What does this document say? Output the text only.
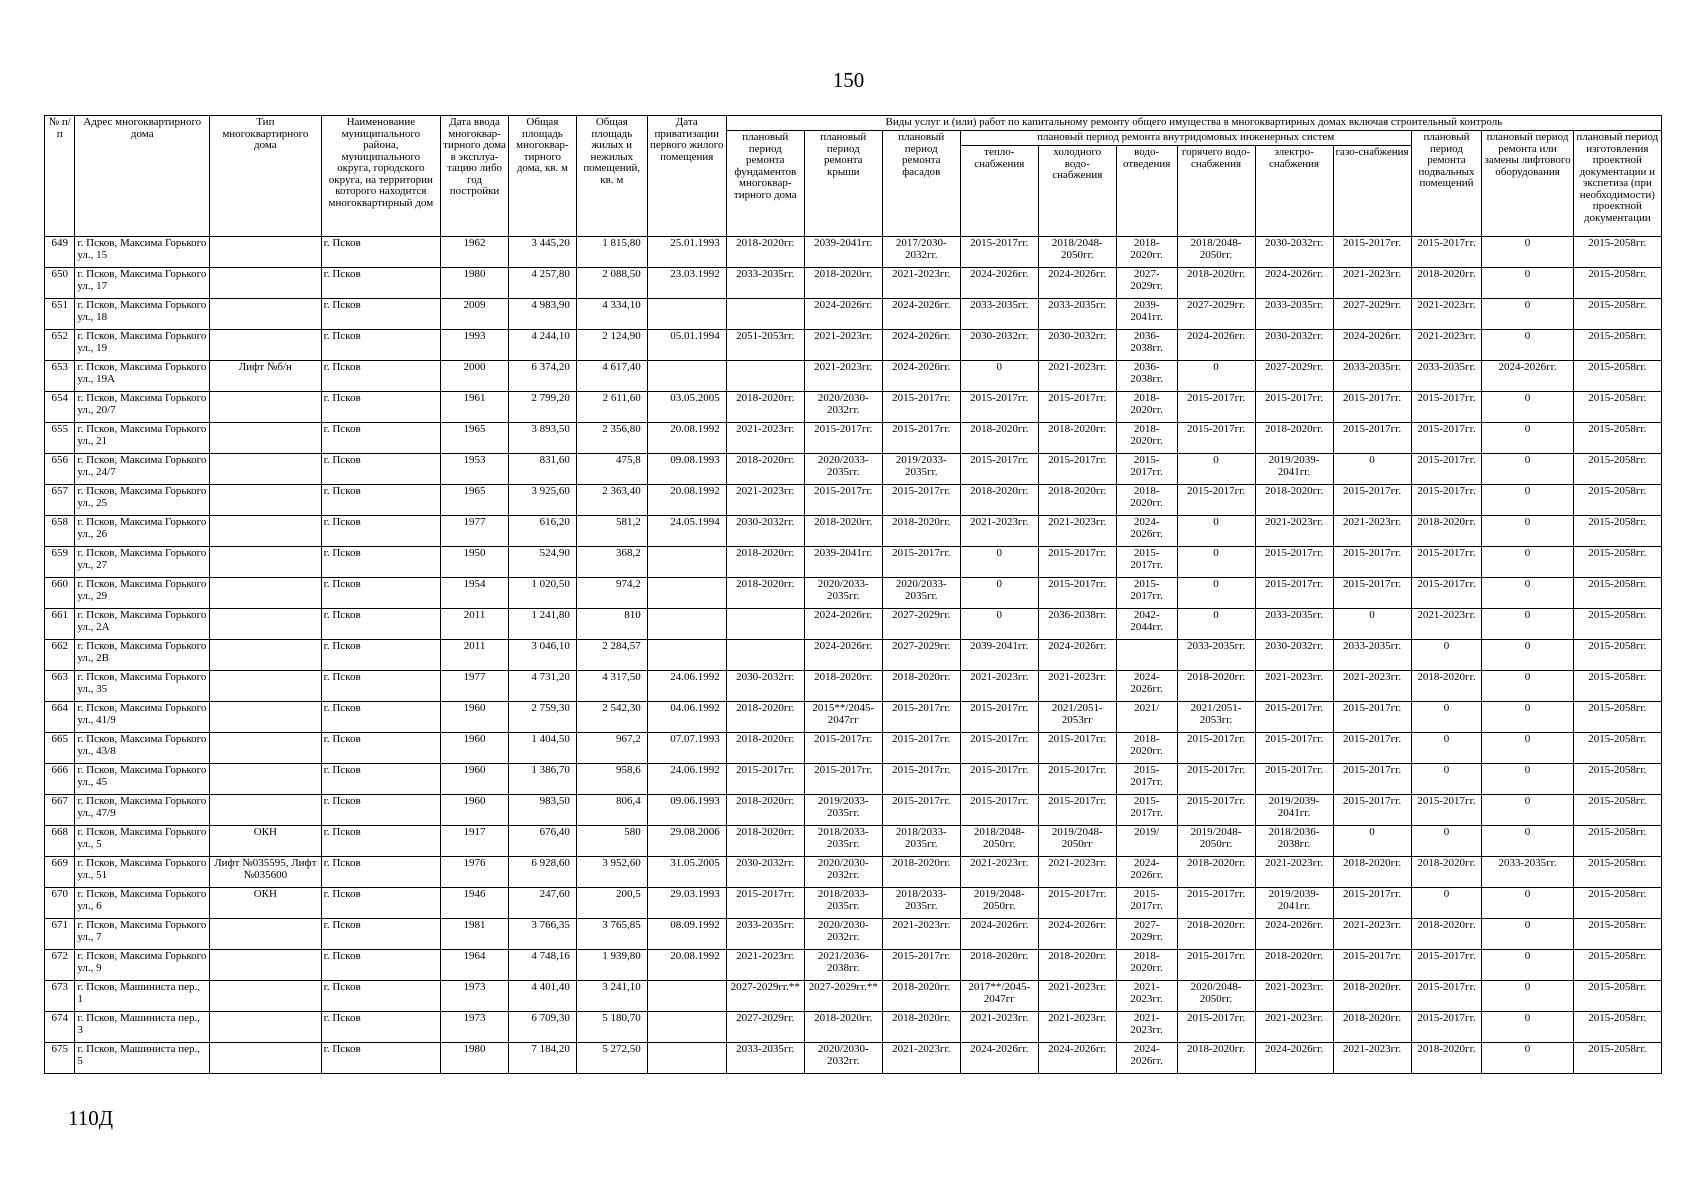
150
№ п/п	Адрес многоквартирного дома	Тип многоквартирного дома	Наименование муниципального района, муниципального округа, городского округа, на территории которого находится многоквартирный дом	Дата ввода многоквар-тирного дома в эксплуа-тацию либо год постройки	Общая площадь многоквар-тирного дома, кв. м	Общая площадь жилых и нежилых помещений, кв. м	Дата приватизации первого жилого помещения	Виды услуг и (или) работ по капитальному ремонту общего имущества в многоквартирных домах включая строительный контроль											
								плановый период ремонта фундаментов многоквар-тирного дома	плановый период ремонта крыши	плановый период ремонта фасадов	плановый период ремонта внутридомовых инженерных систем						плановый период ремонта подвальных помещений	плановый период ремонта или замены лифтового оборудования	плановый период изготовления проектной документации и экспетиза (при необходимости) проектной документации
											тепло-снабжения	холодного водо-снабжения	водо-отведения	горячего водо-снабжения	электро-снабжения	газо-снабжения			
649	г. Псков, Максима Горького ул., 15		г. Псков	1962	3 445,20	1 815,80	25.01.1993	2018-2020гг.	2039-2041гг.	2017/2030-2032гг.	2015-2017гг.	2018/2048-2050гг.	2018-2020гг.	2018/2048-2050гг.	2030-2032гг.	2015-2017гг.	2015-2017гг.	0	2015-2058гг.
650	г. Псков, Максима Горького ул., 17		г. Псков	1980	4 257,80	2 088,50	23.03.1992	2033-2035гг.	2018-2020гг.	2021-2023гг.	2024-2026гг.	2024-2026гг.	2027-2029гг.	2018-2020гг.	2024-2026гг.	2021-2023гг.	2018-2020гг.	0	2015-2058гг.
651	г. Псков, Максима Горького ул., 18		г. Псков	2009	4 983,90	4 334,10			2024-2026гг.	2024-2026гг.	2033-2035гг.	2033-2035гг.	2039-2041гг.	2027-2029гг.	2033-2035гг.	2027-2029гг.	2021-2023гг.	0	2015-2058гг.
652	г. Псков, Максима Горького ул., 19		г. Псков	1993	4 244,10	2 124,90	05.01.1994	2051-2053гг.	2021-2023гг.	2024-2026гг.	2030-2032гг.	2030-2032гг.	2036-2038гг.	2024-2026гг.	2030-2032гг.	2024-2026гг.	2021-2023гг.	0	2015-2058гг.
653	г. Псков, Максима Горького ул., 19А	Лифт №б/н	г. Псков	2000	6 374,20	4 617,40			2021-2023гг.	2024-2026гг.	0	2021-2023гг.	2036-2038гг.	0	2027-2029гг.	2033-2035гг.	2033-2035гг.	2024-2026гг.	2015-2058гг.
654	г. Псков, Максима Горького ул., 20/7		г. Псков	1961	2 799,20	2 611,60	03.05.2005	2018-2020гг.	2020/2030-2032гг.	2015-2017гг.	2015-2017гг.	2015-2017гг.	2018-2020гг.	2015-2017гг.	2015-2017гг.	2015-2017гг.	2015-2017гг.	0	2015-2058гг.
655	г. Псков, Максима Горького ул., 21		г. Псков	1965	3 893,50	2 356,80	20.08.1992	2021-2023гг.	2015-2017гг.	2015-2017гг.	2018-2020гг.	2018-2020гг.	2018-2020гг.	2015-2017гг.	2018-2020гг.	2015-2017гг.	2015-2017гг.	0	2015-2058гг.
656	г. Псков, Максима Горького ул., 24/7		г. Псков	1953	831,60	475,8	09.08.1993	2018-2020гг.	2020/2033-2035гг.	2019/2033-2035гг.	2015-2017гг.	2015-2017гг.	2015-2017гг.	0	2019/2039-2041гг.	0	2015-2017гг.	0	2015-2058гг.
657	г. Псков, Максима Горького ул., 25		г. Псков	1965	3 925,60	2 363,40	20.08.1992	2021-2023гг.	2015-2017гг.	2015-2017гг.	2018-2020гг.	2018-2020гг.	2018-2020гг.	2015-2017гг.	2018-2020гг.	2015-2017гг.	2015-2017гг.	0	2015-2058гг.
658	г. Псков, Максима Горького ул., 26		г. Псков	1977	616,20	581,2	24.05.1994	2030-2032гг.	2018-2020гг.	2018-2020гг.	2021-2023гг.	2021-2023гг.	2024-2026гг.	0	2021-2023гг.	2021-2023гг.	2018-2020гг.	0	2015-2058гг.
659	г. Псков, Максима Горького ул., 27		г. Псков	1950	524,90	368,2		2018-2020гг.	2039-2041гг.	2015-2017гг.	0	2015-2017гг.	2015-2017гг.	0	2015-2017гг.	2015-2017гг.	2015-2017гг.	0	2015-2058гг.
660	г. Псков, Максима Горького ул., 29		г. Псков	1954	1 020,50	974,2		2018-2020гг.	2020/2033-2035гг.	2020/2033-2035гг.	0	2015-2017гг.	2015-2017гг.	0	2015-2017гг.	2015-2017гг.	2015-2017гг.	0	2015-2058гг.
661	г. Псков, Максима Горького ул., 2А		г. Псков	2011	1 241,80	810			2024-2026гг.	2027-2029гг.	0	2036-2038гг.	2042-2044гг.	0	2033-2035гг.	0	2021-2023гг.	0	2015-2058гг.
662	г. Псков, Максима Горького ул., 2В		г. Псков	2011	3 046,10	2 284,57			2024-2026гг.	2027-2029гг.	2039-2041гг.	2024-2026гг.		2033-2035гг.	2030-2032гг.	2033-2035гг.	0	0	2015-2058гг.
663	г. Псков, Максима Горького ул., 35		г. Псков	1977	4 731,20	4 317,50	24.06.1992	2030-2032гг.	2018-2020гг.	2018-2020гг.	2021-2023гг.	2021-2023гг.	2024-2026гг.	2018-2020гг.	2021-2023гг.	2021-2023гг.	2018-2020гг.	0	2015-2058гг.
664	г. Псков, Максима Горького ул., 41/9		г. Псков	1960	2 759,30	2 542,30	04.06.1992	2018-2020гг.	2015**/2045-2047гг	2015-2017гг.	2015-2017гг.	2021/2051-2053гг	2021/	2021/2051-2053гг.	2015-2017гг.	2015-2017гг.	0	0	2015-2058гг.
665	г. Псков, Максима Горького ул., 43/8		г. Псков	1960	1 404,50	967,2	07.07.1993	2018-2020гг.	2015-2017гг.	2015-2017гг.	2015-2017гг.	2015-2017гг.	2018-2020гг.	2015-2017гг.	2015-2017гг.	2015-2017гг.	0	0	2015-2058гг.
666	г. Псков, Максима Горького ул., 45		г. Псков	1960	1 386,70	958,6	24.06.1992	2015-2017гг.	2015-2017гг.	2015-2017гг.	2015-2017гг.	2015-2017гг.	2015-2017гг.	2015-2017гг.	2015-2017гг.	2015-2017гг.	0	0	2015-2058гг.
667	г. Псков, Максима Горького ул., 47/9		г. Псков	1960	983,50	806,4	09.06.1993	2018-2020гг.	2019/2033-2035гг.	2015-2017гг.	2015-2017гг.	2015-2017гг.	2015-2017гг.	2015-2017гг.	2019/2039-2041гг.	2015-2017гг.	2015-2017гг.	0	2015-2058гг.
668	г. Псков, Максима Горького ул., 5	ОКН	г. Псков	1917	676,40	580	29.08.2006	2018-2020гг.	2018/2033-2035гг.	2018/2033-2035гг.	2018/2048-2050гг.	2019/2048-2050гг	2019/	2019/2048-2050гг.	2018/2036-2038гг.	0	0	0	2015-2058гг.
669	г. Псков, Максима Горького ул., 51	Лифт №035595, Лифт №035600	г. Псков	1976	6 928,60	3 952,60	31.05.2005	2030-2032гг.	2020/2030-2032гг.	2018-2020гг.	2021-2023гг.	2021-2023гг.	2024-2026гг.	2018-2020гг.	2021-2023гг.	2018-2020гг.	2018-2020гг.	2033-2035гг.	2015-2058гг.
670	г. Псков, Максима Горького ул., 6	ОКН	г. Псков	1946	247,60	200,5	29.03.1993	2015-2017гг.	2018/2033-2035гг.	2018/2033-2035гг.	2019/2048-2050гг.	2015-2017гг.	2015-2017гг.	2015-2017гг.	2019/2039-2041гг.	2015-2017гг.	0	0	2015-2058гг.
671	г. Псков, Максима Горького ул., 7		г. Псков	1981	3 766,35	3 765,85	08.09.1992	2033-2035гг.	2020/2030-2032гг.	2021-2023гг.	2024-2026гг.	2024-2026гг.	2027-2029гг.	2018-2020гг.	2024-2026гг.	2021-2023гг.	2018-2020гг.	0	2015-2058гг.
672	г. Псков, Максима Горького ул., 9		г. Псков	1964	4 748,16	1 939,80	20.08.1992	2021-2023гг.	2021/2036-2038гг.	2015-2017гг.	2018-2020гг.	2018-2020гг.	2018-2020гг.	2015-2017гг.	2018-2020гг.	2015-2017гг.	2015-2017гг.	0	2015-2058гг.
673	г. Псков, Машиниста пер., 1		г. Псков	1973	4 401,40	3 241,10		2027-2029гг.**	2027-2029гг.**	2018-2020гг.	2017**/2045-2047гг	2021-2023гг.	2021-2023гг.	2020/2048-2050гг.	2021-2023гг.	2018-2020гг.	2015-2017гг.	0	2015-2058гг.
674	г. Псков, Машиниста пер., 3		г. Псков	1973	6 709,30	5 180,70		2027-2029гг.	2018-2020гг.	2018-2020гг.	2021-2023гг.	2021-2023гг.	2021-2023гг.	2015-2017гг.	2021-2023гг.	2018-2020гг.	2015-2017гг.	0	2015-2058гг.
675	г. Псков, Машиниста пер., 5		г. Псков	1980	7 184,20	5 272,50		2033-2035гг.	2020/2030-2032гг.	2021-2023гг.	2024-2026гг.	2024-2026гг.	2024-2026гг.	2018-2020гг.	2024-2026гг.	2021-2023гг.	2018-2020гг.	0	2015-2058гг.
110Д
